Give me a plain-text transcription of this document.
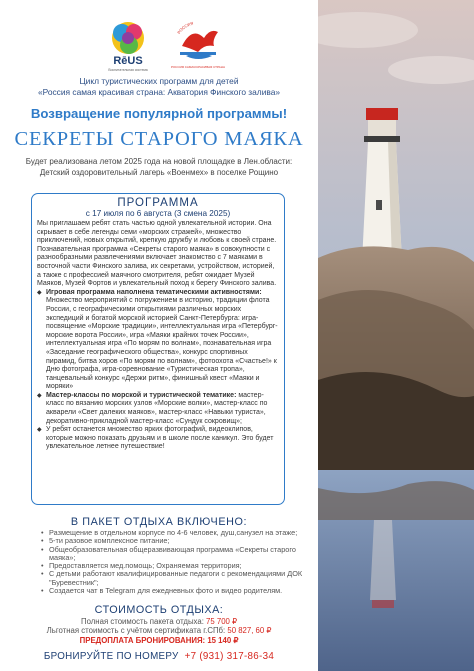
RēUS
Воспитательная система
РОССИЯ
РОССИЯ САМАЯ КРАСИВАЯ СТРАНА
Цикл туристических программ для детей
«Россия самая красивая страна: Акватория Финского залива»
Возвращение популярной программы!
СЕКРЕТЫ СТАРОГО МАЯКА
Будет реализована летом 2025 года на новой площадке в Лен.области:
Детский оздоровительный лагерь «Военмех» в поселке Рощино
ПРОГРАММА
с 17 июля по 6 августа (3 смена 2025)
Мы приглашаем ребят стать частью одной увлекательной истории. Она скрывает в себе легенды семи «морских стражей», множество приключений, новых открытий, крепкую дружбу и любовь к своей стране. Познавательная программа «Секреты старого маяка» в совокупности с разнообразными развлечениями включает знакомство с 7 маяками в восточной части Финского залива, их секретами, устройством, историей, а также с профессией маячного смотрителя, ребят ожидает Музей Маяков, Музей Фортов и увлекательный поход к берегу Финского залива.
◆ Игровая программа наполнена тематическими активностями: Множество мероприятий с погружением в историю, традиции флота России, с географическими открытиями различных морских экспедиций и богатой морской историей Санкт-Петербурга: игра-посвящение «Морские традиции», интеллектуальная игра «Петербург-морские ворота России», игра «Маяки крайних точек России», интеллектуальная игра «По морям по волнам», познавательная игра «Заседание географического общества», конкурс спортивных пирамид, битва хоров «По морям по волнам», фотоохота «Счастье!» к Дню фотографа, игра-соревнование «Туристическая тропа», танцевальный конкурс «Держи ритм», финишный квест «Маяки и моряки»
◆ Мастер-классы по морской и туристической тематике: мастер-класс по вязанию морских узлов «Морские волки», мастер-класс по акварели «Свет далеких маяков», мастер-класс «Навыки туриста», декоративно-прикладной мастер-класс «Сундук сокровищ»;
◆ У ребят останется множество ярких фотографий, видеоклипов, которые можно показать друзьям и в школе после каникул. Это будет увлекательное летнее путешествие!
В ПАКЕТ ОТДЫХА ВКЛЮЧЕНО:
• Размещение в отдельном корпусе по 4-6 человек, душ,санузел на этаже;
• 5-ти разовое комплексное питание;
• Общеобразовательная общеразвивающая программа «Секреты старого маяка»;
• Предоставляется мед.помощь; Охраняемая территория;
• С детьми работают квалифицированные педагоги с рекомендациями ДОК "Буревестник";
• Создается чат в Telegram для ежедневных фото и видео родителям.
СТОИМОСТЬ ОТДЫХА:
Полная стоимость пакета отдыха: 75 700 ₽
Льготная стоимость с учётом сертификата г.СПб: 50 827, 60 ₽
ПРЕДОПЛАТА БРОНИРОВАНИЯ: 15 140 ₽
БРОНИРУЙТЕ ПО НОМЕРУ +7 (931) 317-86-34
